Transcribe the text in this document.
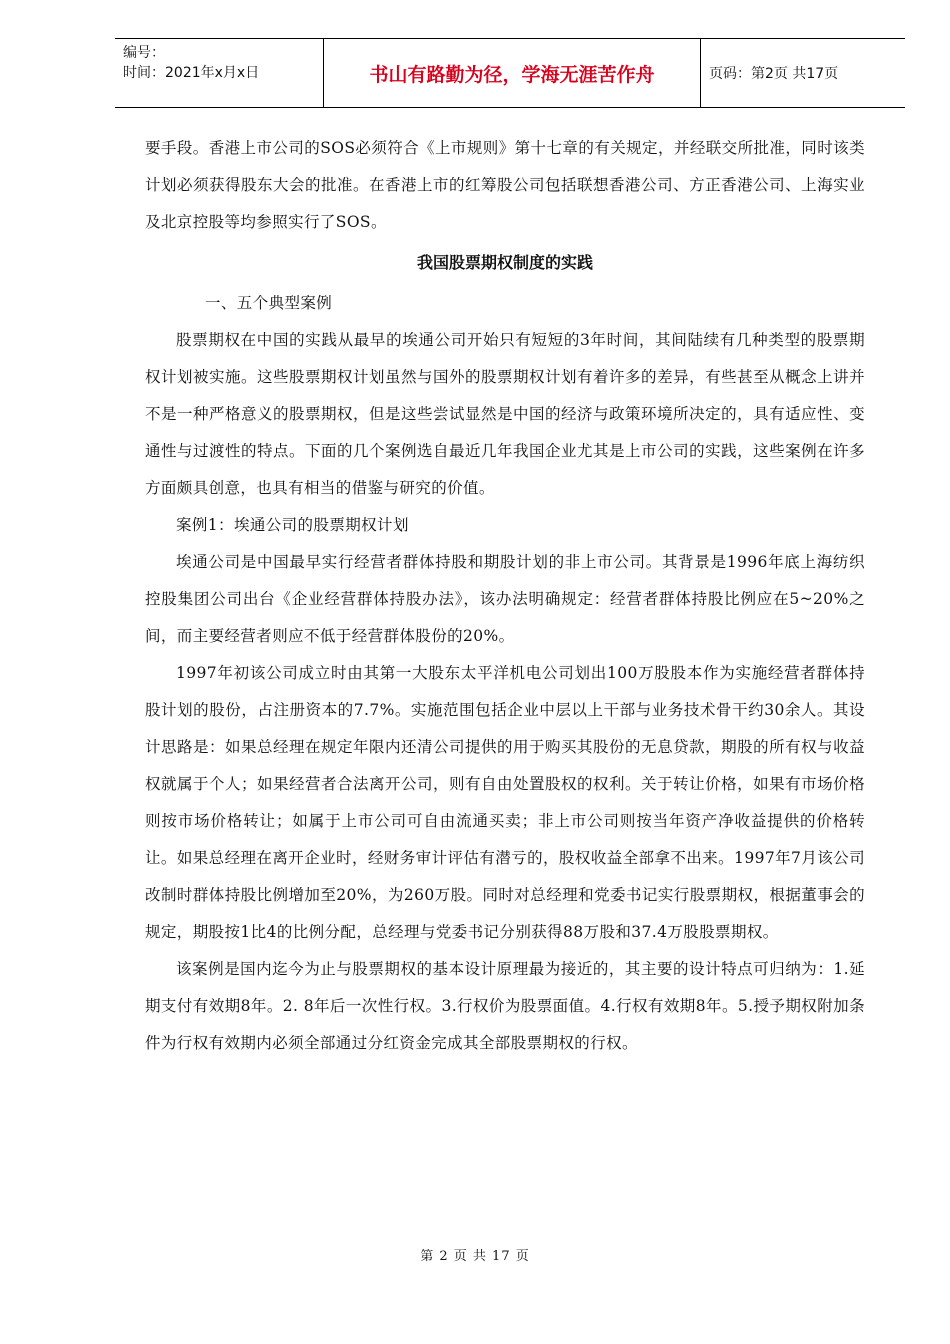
编号：
时间：2021年x月x日	书山有路勤为径，学海无涯苦作舟	页码：第2页 共17页

要手段。香港上市公司的SOS必须符合《上市规则》第十七章的有关规定，并经联交所批准，同时该类计划必须获得股东大会的批准。在香港上市的红筹股公司包括联想香港公司、方正香港公司、上海实业及北京控股等均参照实行了SOS。

我国股票期权制度的实践

一、五个典型案例

股票期权在中国的实践从最早的埃通公司开始只有短短的3年时间，其间陆续有几种类型的股票期权计划被实施。这些股票期权计划虽然与国外的股票期权计划有着许多的差异，有些甚至从概念上讲并不是一种严格意义的股票期权，但是这些尝试显然是中国的经济与政策环境所决定的，具有适应性、变通性与过渡性的特点。下面的几个案例选自最近几年我国企业尤其是上市公司的实践，这些案例在许多方面颇具创意，也具有相当的借鉴与研究的价值。

案例1：埃通公司的股票期权计划

埃通公司是中国最早实行经营者群体持股和期股计划的非上市公司。其背景是1996年底上海纺织控股集团公司出台《企业经营群体持股办法》，该办法明确规定：经营者群体持股比例应在5~20%之间，而主要经营者则应不低于经营群体股份的20%。

1997年初该公司成立时由其第一大股东太平洋机电公司划出100万股股本作为实施经营者群体持股计划的股份，占注册资本的7.7%。实施范围包括企业中层以上干部与业务技术骨干约30余人。其设计思路是：如果总经理在规定年限内还清公司提供的用于购买其股份的无息贷款，期股的所有权与收益权就属于个人；如果经营者合法离开公司，则有自由处置股权的权利。关于转让价格，如果有市场价格则按市场价格转让；如属于上市公司可自由流通买卖；非上市公司则按当年资产净收益提供的价格转让。如果总经理在离开企业时，经财务审计评估有潜亏的，股权收益全部拿不出来。1997年7月该公司改制时群体持股比例增加至20%，为260万股。同时对总经理和党委书记实行股票期权，根据董事会的规定，期股按1比4的比例分配，总经理与党委书记分别获得88万股和37.4万股股票期权。

该案例是国内迄今为止与股票期权的基本设计原理最为接近的，其主要的设计特点可归纳为：1.延期支付有效期8年。2. 8年后一次性行权。3.行权价为股票面值。4.行权有效期8年。5.授予期权附加条件为行权有效期内必须全部通过分红资金完成其全部股票期权的行权。

第 2 页 共 17 页
